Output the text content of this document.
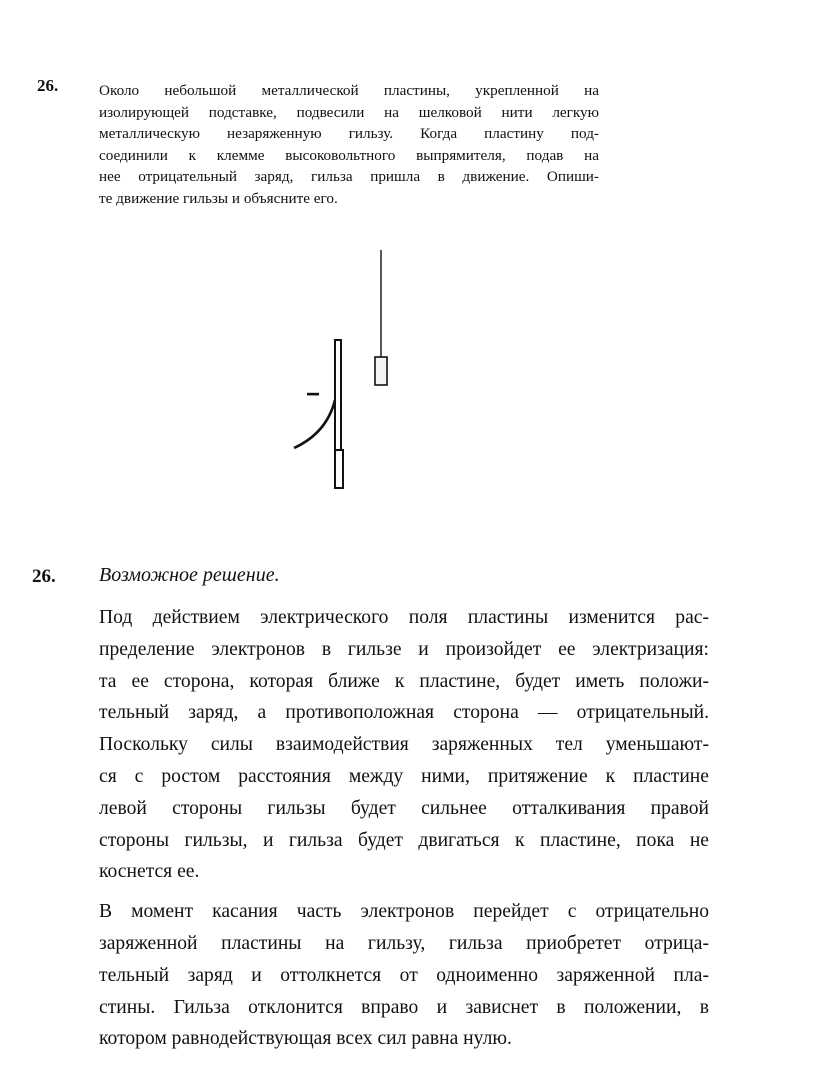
26.	Около небольшой металлической пластины, укрепленной на
изолирующей подставке, подвесили на шелковой нити легкую
металлическую незаряженную гильзу. Когда пластину под-
соединили к клемме высоковольтного выпрямителя, подав на
нее отрицательный заряд, гильза пришла в движение. Опиши-
те движение гильзы и объясните его.
−
26. Возможное решение.
Под действием электрического поля пластины изменится рас-
пределение электронов в гильзе и произойдет ее электризация:
та ее сторона, которая ближе к пластине, будет иметь положи-
тельный заряд, а противоположная сторона — отрицательный.
Поскольку силы взаимодействия заряженных тел уменьшают-
ся с ростом расстояния между ними, притяжение к пластине
левой стороны гильзы будет сильнее отталкивания правой
стороны гильзы, и гильза будет двигаться к пластине, пока не
коснется ее.
В момент касания часть электронов перейдет с отрицательно
заряженной пластины на гильзу, гильза приобретет отрица-
тельный заряд и оттолкнется от одноименно заряженной пла-
стины. Гильза отклонится вправо и зависнет в положении, в
котором равнодействующая всех сил равна нулю.
